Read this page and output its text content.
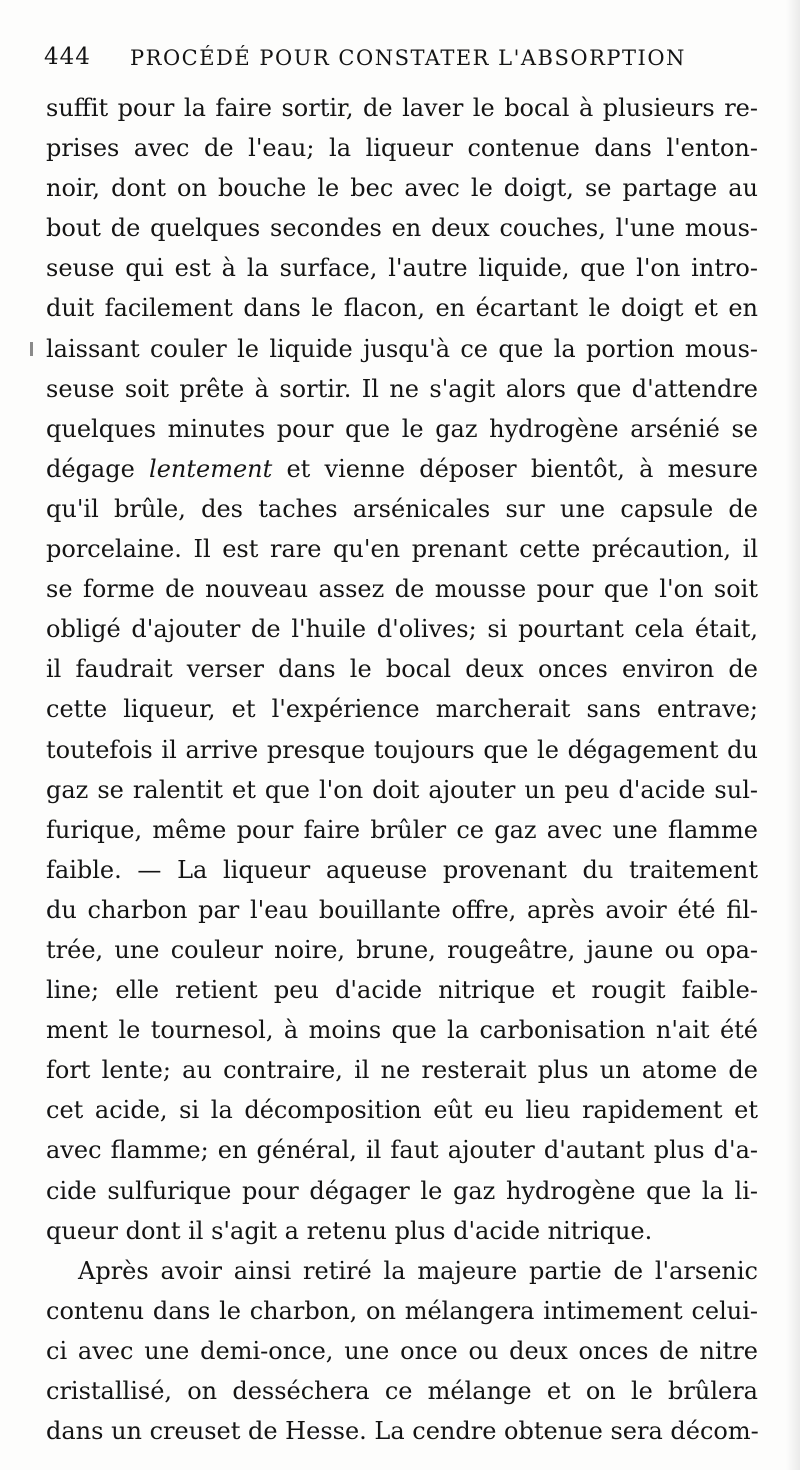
444 PROCÉDÉ POUR CONSTATER L'ABSORPTION
suffit pour la faire sortir, de laver le bocal à plusieurs re-
prises avec de l'eau; la liqueur contenue dans l'enton-
noir, dont on bouche le bec avec le doigt, se partage au
bout de quelques secondes en deux couches, l'une mous-
seuse qui est à la surface, l'autre liquide, que l'on intro-
duit facilement dans le flacon, en écartant le doigt et en
laissant couler le liquide jusqu'à ce que la portion mous-
seuse soit prête à sortir. Il ne s'agit alors que d'attendre
quelques minutes pour que le gaz hydrogène arsénié se
dégage lentement et vienne déposer bientôt, à mesure
qu'il brûle, des taches arsénicales sur une capsule de
porcelaine. Il est rare qu'en prenant cette précaution, il
se forme de nouveau assez de mousse pour que l'on soit
obligé d'ajouter de l'huile d'olives; si pourtant cela était,
il faudrait verser dans le bocal deux onces environ de
cette liqueur, et l'expérience marcherait sans entrave;
toutefois il arrive presque toujours que le dégagement du
gaz se ralentit et que l'on doit ajouter un peu d'acide sul-
furique, même pour faire brûler ce gaz avec une flamme
faible. — La liqueur aqueuse provenant du traitement
du charbon par l'eau bouillante offre, après avoir été fil-
trée, une couleur noire, brune, rougeâtre, jaune ou opa-
line; elle retient peu d'acide nitrique et rougit faible-
ment le tournesol, à moins que la carbonisation n'ait été
fort lente; au contraire, il ne resterait plus un atome de
cet acide, si la décomposition eût eu lieu rapidement et
avec flamme; en général, il faut ajouter d'autant plus d'a-
cide sulfurique pour dégager le gaz hydrogène que la li-
queur dont il s'agit a retenu plus d'acide nitrique.
Après avoir ainsi retiré la majeure partie de l'arsenic
contenu dans le charbon, on mélangera intimement celui-
ci avec une demi-once, une once ou deux onces de nitre
cristallisé, on desséchera ce mélange et on le brûlera
dans un creuset de Hesse. La cendre obtenue sera décom-
